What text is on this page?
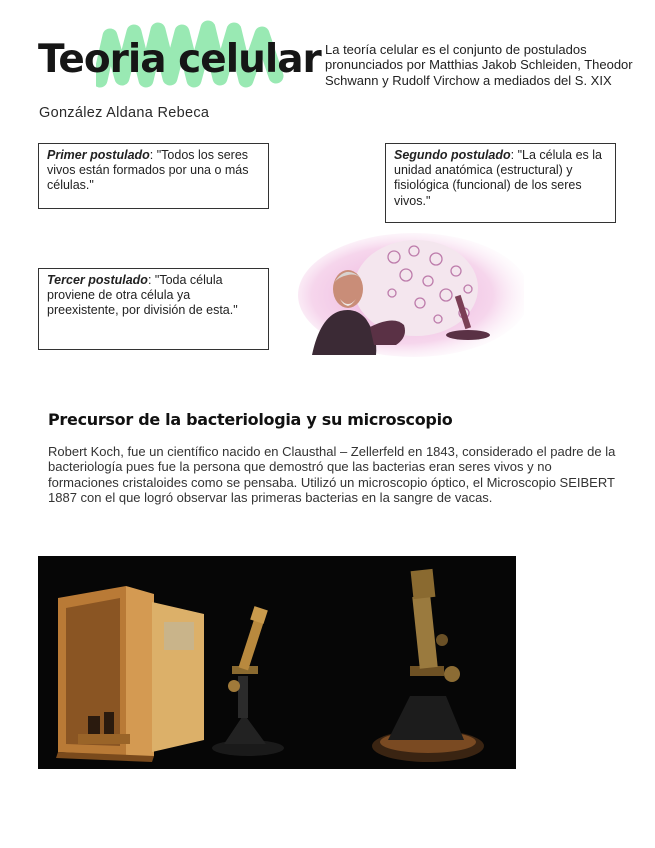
Teoria celular
González Aldana Rebeca
La teoría celular es el conjunto de postulados pronunciados por Matthias Jakob Schleiden, Theodor Schwann y Rudolf Virchow a mediados del S. XIX
Primer postulado: "Todos los seres vivos están formados por una o más células."
Segundo postulado: "La célula es la unidad anatómica (estructural) y fisiológica (funcional) de los seres vivos."
Tercer postulado: "Toda célula proviene de otra célula ya preexistente, por división de esta."
Precursor de la bacteriologia y su microscopio
Robert Koch, fue un científico nacido en Clausthal – Zellerfeld en 1843, considerado el padre de la bacteriología pues fue la persona que demostró que las bacterias eran seres vivos y no formaciones cristaloides como se pensaba. Utilizó un microscopio óptico, el Microscopio SEIBERT 1887 con el que logró observar las primeras bacterias en la sangre de vacas.
